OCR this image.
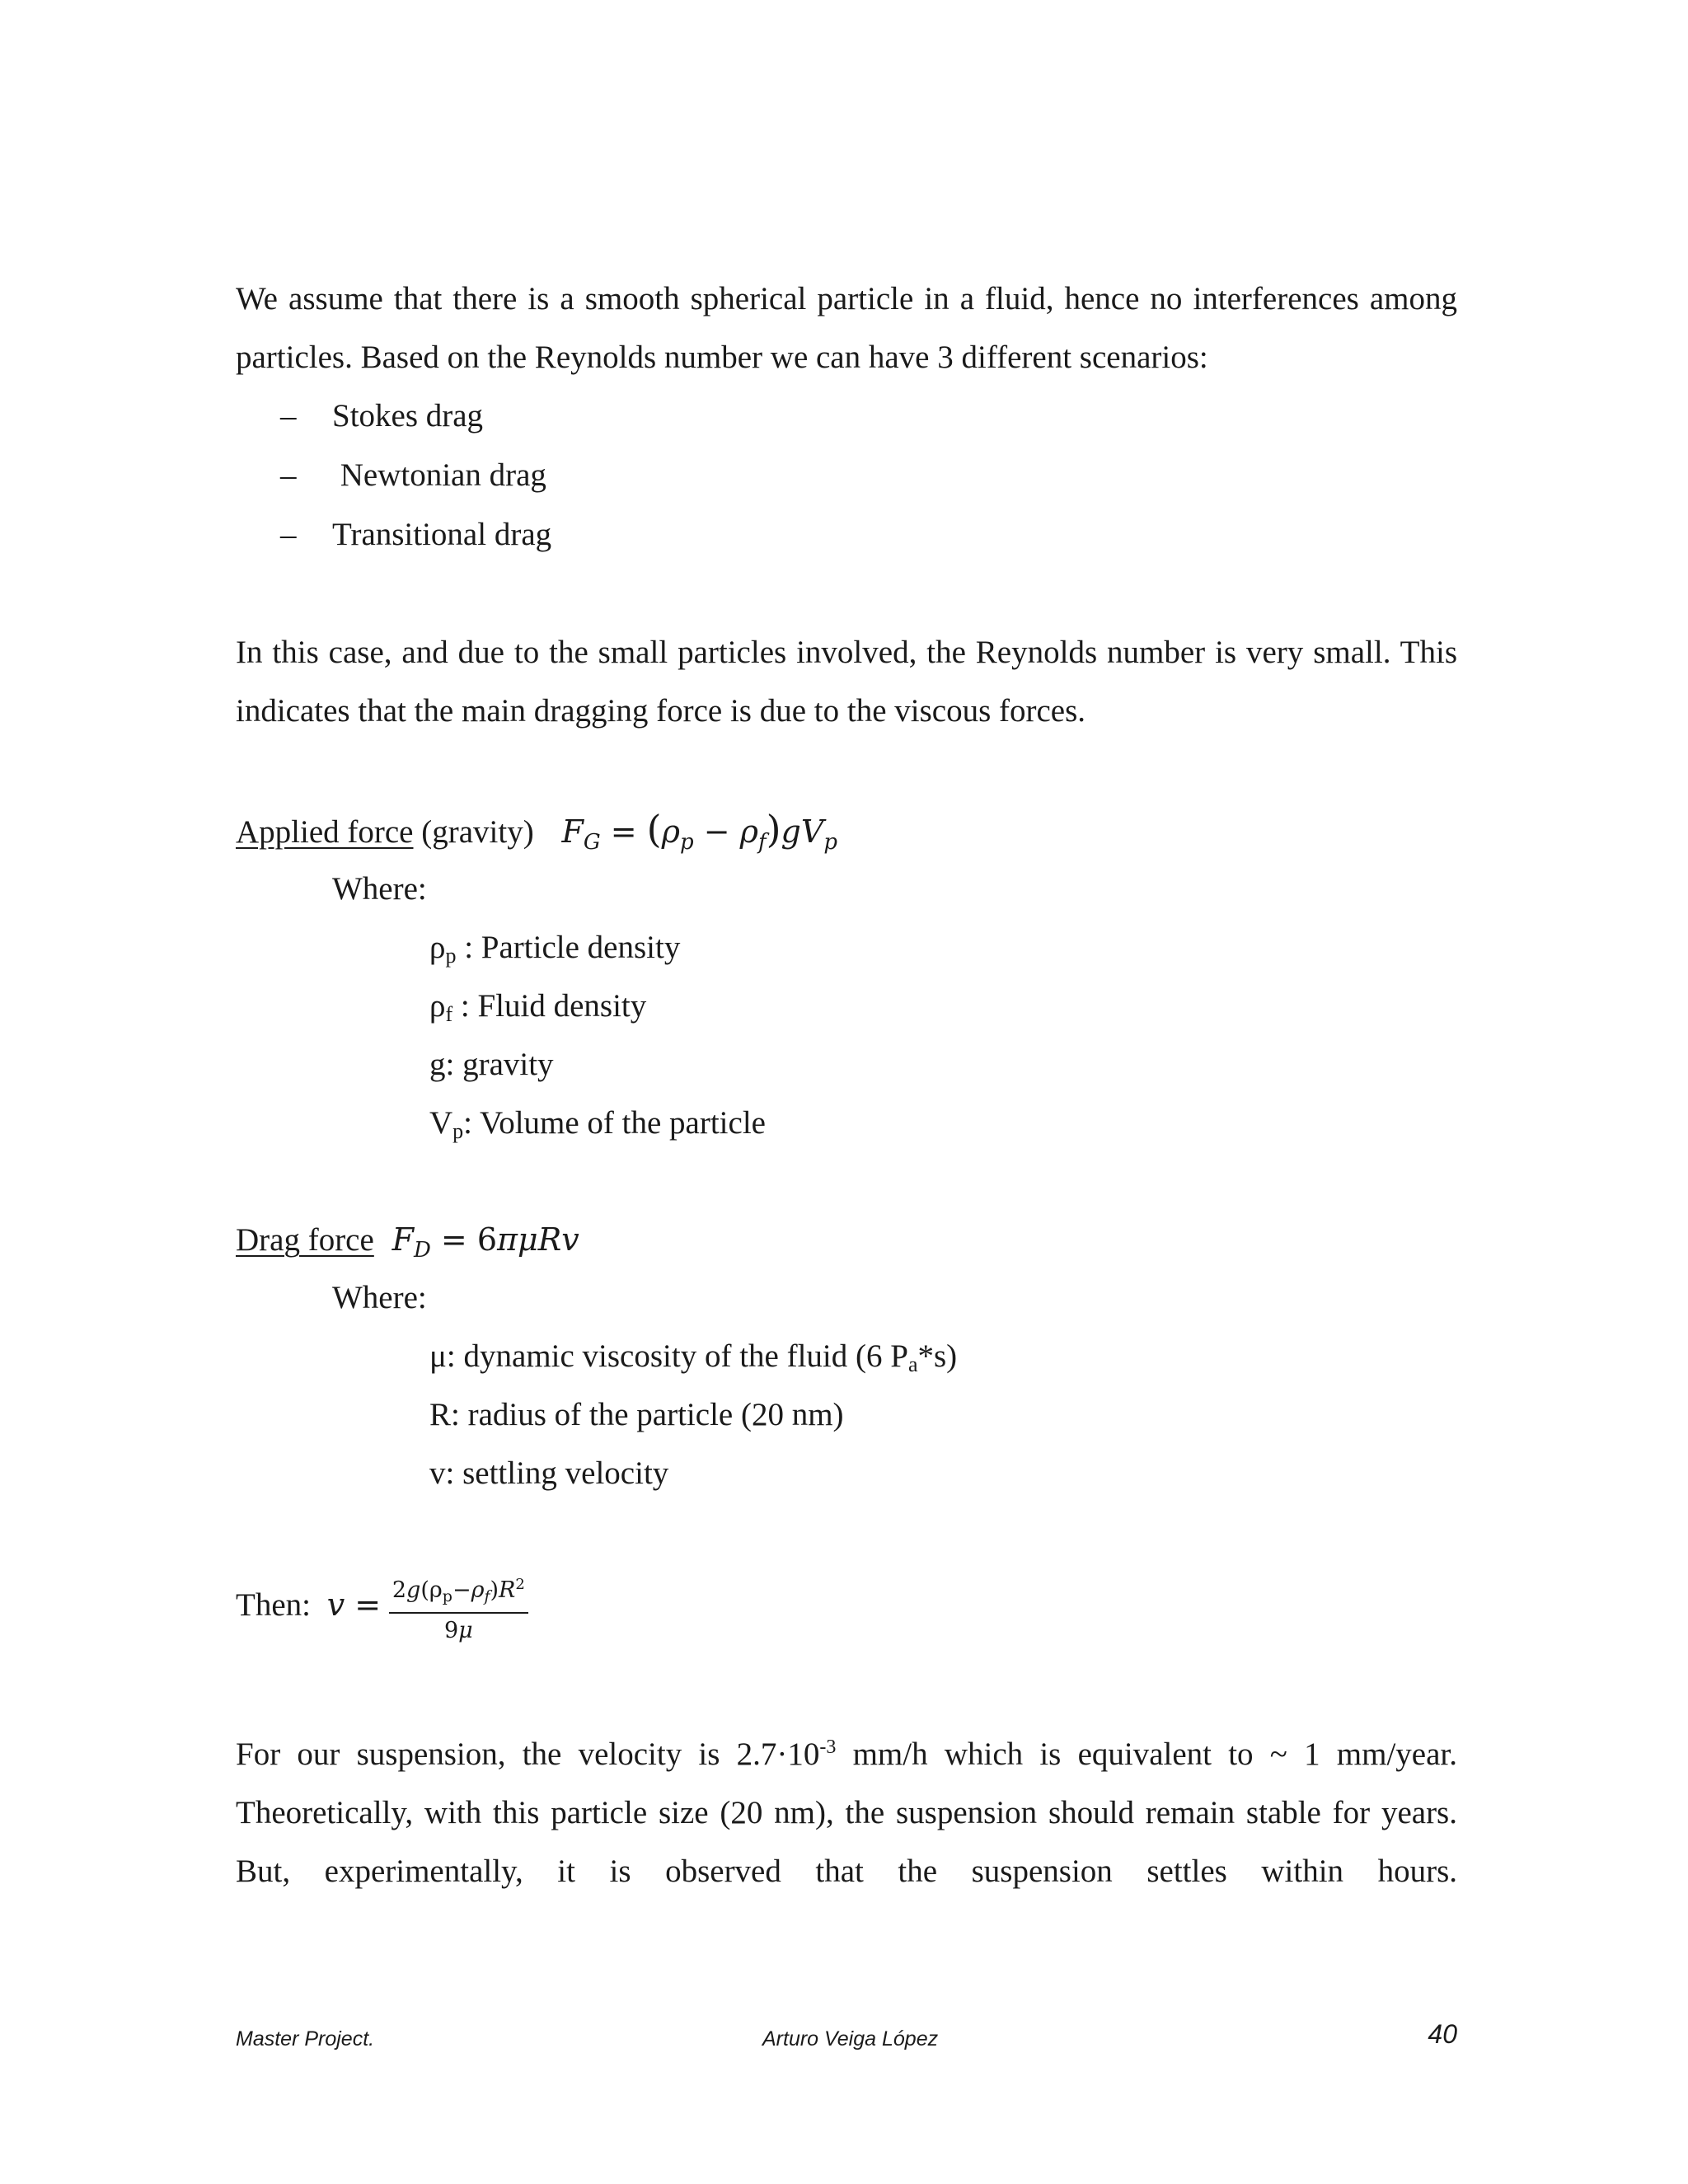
We assume that there is a smooth spherical particle in a fluid, hence no interferences among particles. Based on the Reynolds number we can have 3 different scenarios:
– Stokes drag
– Newtonian drag
– Transitional drag
In this case, and due to the small particles involved, the Reynolds number is very small. This indicates that the main dragging force is due to the viscous forces.
Applied force (gravity) $F_G = (\rho_p - \rho_f)gV_p$
Where:
ρp : Particle density
ρf : Fluid density
g: gravity
Vp: Volume of the particle
Drag force $F_D = 6\pi\mu Rv$
Where:
μ: dynamic viscosity of the fluid (6 Pa*s)
R: radius of the particle (20 nm)
v: settling velocity
Then: $v = \frac{2g(\rho p-\rho f)R^2}{9\mu}$
For our suspension, the velocity is $2.7\cdot 10^{-3}$ mm/h which is equivalent to ~ 1 mm/year. Theoretically, with this particle size (20 nm), the suspension should remain stable for years. But, experimentally, it is observed that the suspension settles within hours.
Master Project.	Arturo Veiga López	40
